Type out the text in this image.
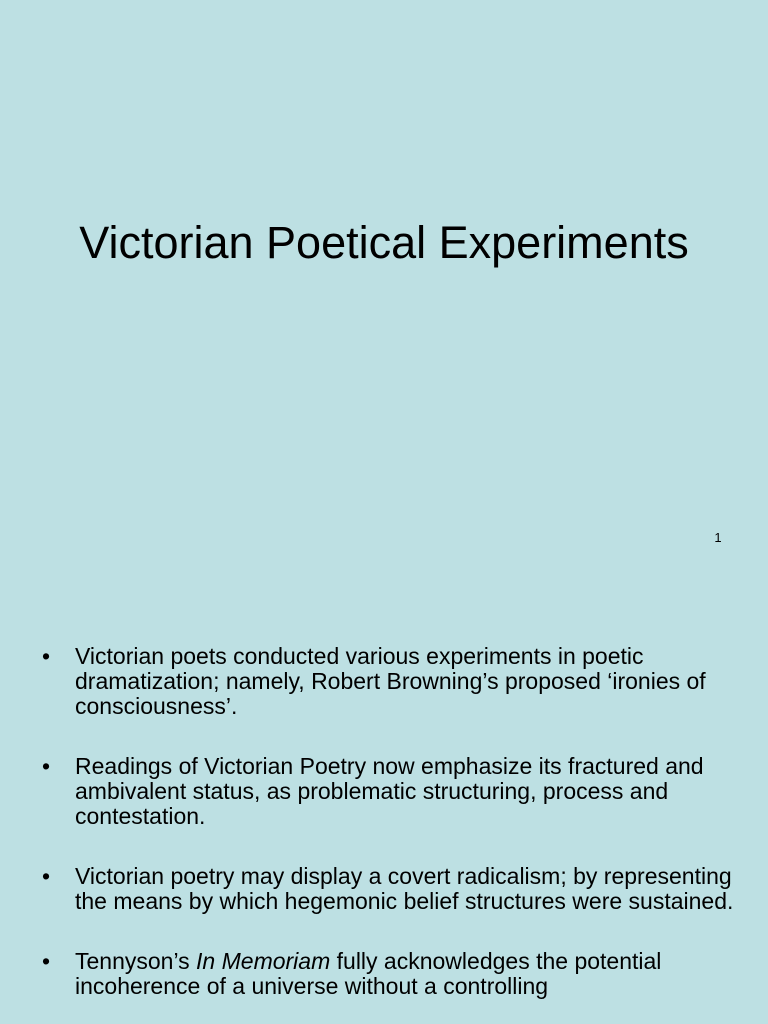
Victorian Poetical Experiments
1
• Victorian poets conducted various experiments in poetic dramatization; namely, Robert Browning’s proposed ‘ironies of consciousness’.
• Readings of Victorian Poetry now emphasize its fractured and ambivalent status, as problematic structuring, process and contestation.
• Victorian poetry may display a covert radicalism; by representing the means by which hegemonic belief structures were sustained.
• Tennyson’s In Memoriam fully acknowledges the potential incoherence of a universe without a controlling
